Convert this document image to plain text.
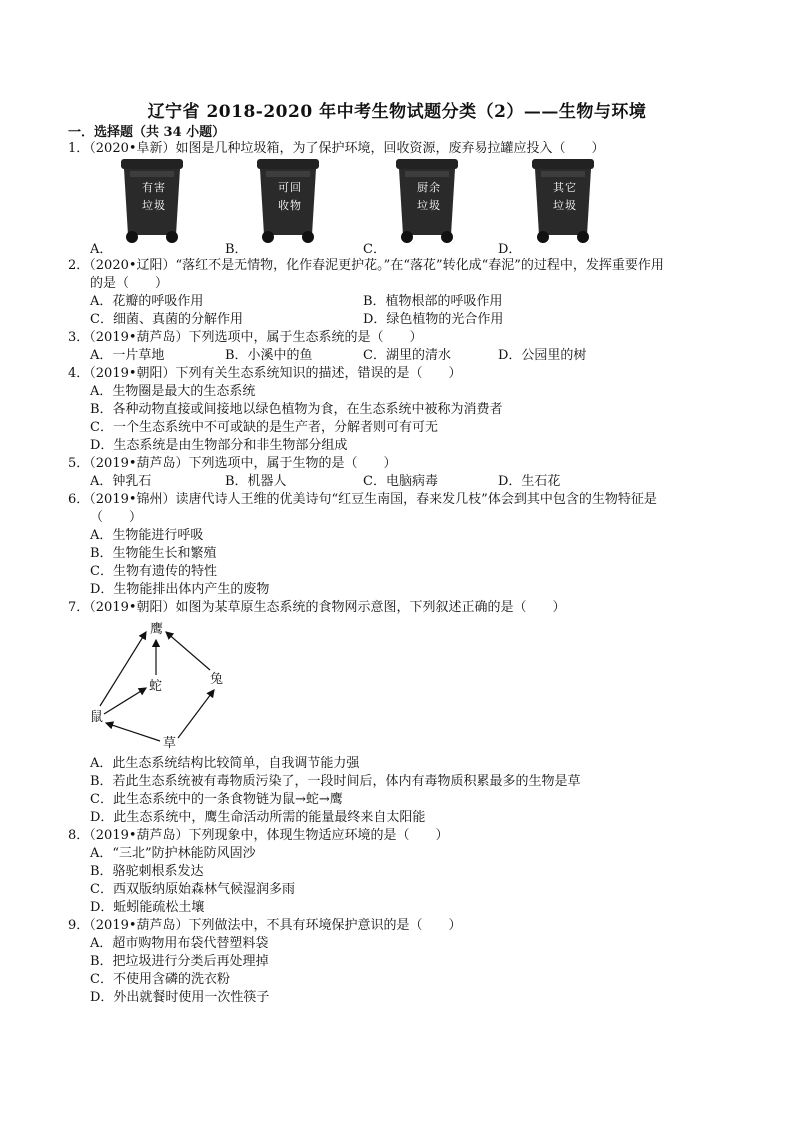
辽宁省 2018-2020 年中考生物试题分类（2）——生物与环境
一．选择题（共 34 小题）
1．（2020•阜新）如图是几种垃圾箱，为了保护环境，回收资源，废弃易拉罐应投入（　　）
有 害
垃 圾
可 回
收 物
厨 余
垃 圾
其 它
垃 圾
A．	B．	C．	D．
2．（2020•辽阳）“落红不是无情物，化作春泥更护花。”在“落花”转化成“春泥”的过程中，发挥重要作用
的是（　　）
A．花瓣的呼吸作用	B．植物根部的呼吸作用
C．细菌、真菌的分解作用	D．绿色植物的光合作用
3．（2019•葫芦岛）下列选项中，属于生态系统的是（　　）
A．一片草地	B．小溪中的鱼	C．湖里的清水	D．公园里的树
4．（2019•朝阳）下列有关生态系统知识的描述，错误的是（　　）
A．生物圈是最大的生态系统
B．各种动物直接或间接地以绿色植物为食，在生态系统中被称为消费者
C．一个生态系统中不可或缺的是生产者，分解者则可有可无
D．生态系统是由生物部分和非生物部分组成
5．（2019•葫芦岛）下列选项中，属于生物的是（　　）
A．钟乳石	B．机器人	C．电脑病毒	D．生石花
6．（2019•锦州）读唐代诗人王维的优美诗句“红豆生南国，春来发几枝”体会到其中包含的生物特征是
（　　）
A．生物能进行呼吸
B．生物能生长和繁殖
C．生物有遗传的特性
D．生物能排出体内产生的废物
7．（2019•朝阳）如图为某草原生态系统的食物网示意图，下列叙述正确的是（　　）
鹰
蛇	兔
鼠
草
A．此生态系统结构比较简单，自我调节能力强
B．若此生态系统被有毒物质污染了，一段时间后，体内有毒物质积累最多的生物是草
C．此生态系统中的一条食物链为鼠→蛇→鹰
D．此生态系统中，鹰生命活动所需的能量最终来自太阳能
8．（2019•葫芦岛）下列现象中，体现生物适应环境的是（　　）
A．“三北”防护林能防风固沙
B．骆驼刺根系发达
C．西双版纳原始森林气候湿润多雨
D．蚯蚓能疏松土壤
9．（2019•葫芦岛）下列做法中，不具有环境保护意识的是（　　）
A．超市购物用布袋代替塑料袋
B．把垃圾进行分类后再处理掉
C．不使用含磷的洗衣粉
D．外出就餐时使用一次性筷子
